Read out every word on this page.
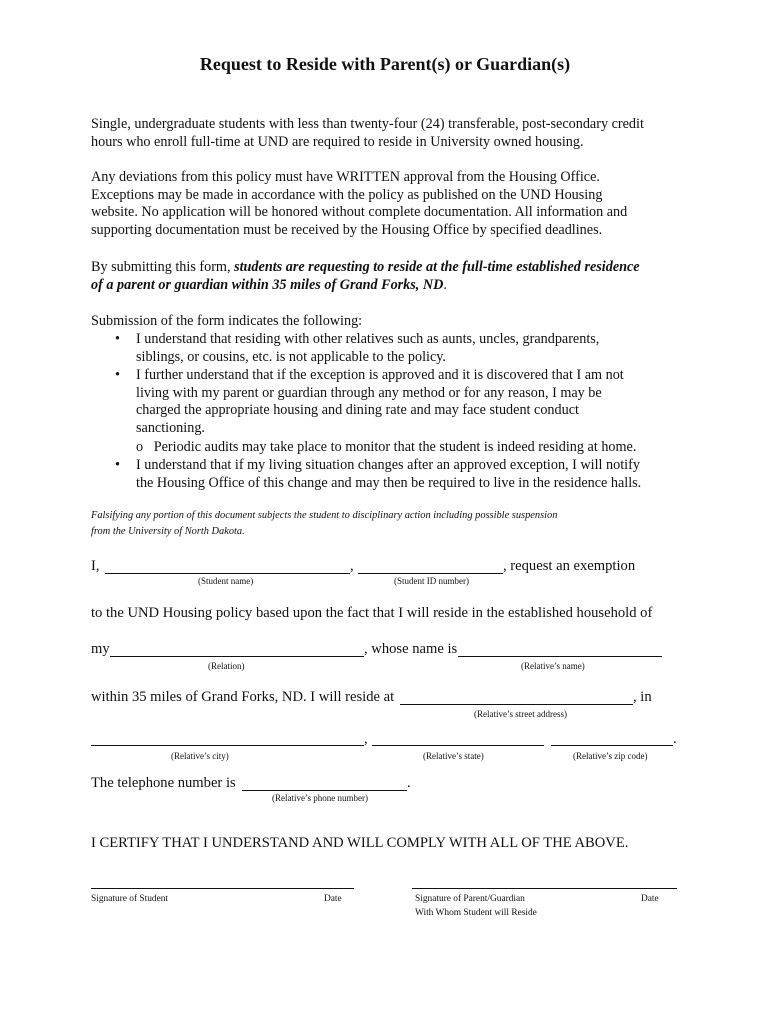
Request to Reside with Parent(s) or Guardian(s)
Single, undergraduate students with less than twenty-four (24) transferable, post-secondary credit
hours who enroll full-time at UND are required to reside in University owned housing.
Any deviations from this policy must have WRITTEN approval from the Housing Office.
Exceptions may be made in accordance with the policy as published on the UND Housing
website. No application will be honored without complete documentation. All information and
supporting documentation must be received by the Housing Office by specified deadlines.
By submitting this form, students are requesting to reside at the full-time established residence
of a parent or guardian within 35 miles of Grand Forks, ND.
Submission of the form indicates the following:
• I understand that residing with other relatives such as aunts, uncles, grandparents,
siblings, or cousins, etc. is not applicable to the policy.
• I further understand that if the exception is approved and it is discovered that I am not
living with my parent or guardian through any method or for any reason, I may be
charged the appropriate housing and dining rate and may face student conduct
sanctioning.
o Periodic audits may take place to monitor that the student is indeed residing at home.
• I understand that if my living situation changes after an approved exception, I will notify
the Housing Office of this change and may then be required to live in the residence halls.
Falsifying any portion of this document subjects the student to disciplinary action including possible suspension
from the University of North Dakota.
I,	,	, request an exemption
(Student name)	(Student ID number)
to the UND Housing policy based upon the fact that I will reside in the established household of
my	, whose name is
(Relation)	(Relative’s name)
within 35 miles of Grand Forks, ND. I will reside at	, in
(Relative’s street address)
,	.
(Relative’s city)	(Relative’s state)	(Relative’s zip code)
The telephone number is	.
(Relative’s phone number)
I CERTIFY THAT I UNDERSTAND AND WILL COMPLY WITH ALL OF THE ABOVE.
Signature of Student	Date	Signature of Parent/Guardian
With Whom Student will Reside
Date
